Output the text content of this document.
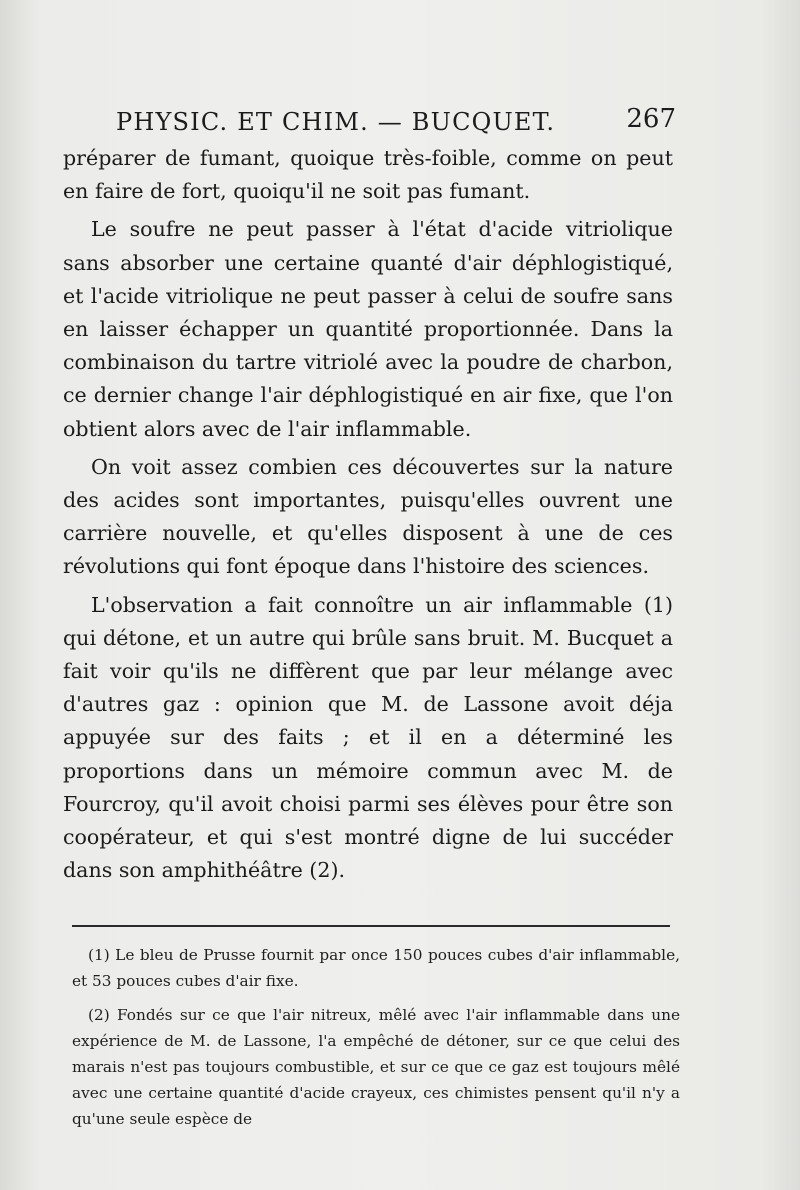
PHYSIC. ET CHIM. — BUCQUET.	267

préparer de fumant, quoique très-foible, comme on peut en faire de fort, quoiqu'il ne soit pas fumant.

Le soufre ne peut passer à l'état d'acide vitriolique sans absorber une certaine quanté d'air déphlogistiqué, et l'acide vitriolique ne peut passer à celui de soufre sans en laisser échapper un quantité proportionnée. Dans la combinaison du tartre vitriolé avec la poudre de charbon, ce dernier change l'air déphlogistiqué en air fixe, que l'on obtient alors avec de l'air inflammable.

On voit assez combien ces découvertes sur la nature des acides sont importantes, puisqu'elles ouvrent une carrière nouvelle, et qu'elles disposent à une de ces révolutions qui font époque dans l'histoire des sciences.

L'observation a fait connoître un air inflammable (1) qui détone, et un autre qui brûle sans bruit. M. Bucquet a fait voir qu'ils ne diffèrent que par leur mélange avec d'autres gaz : opinion que M. de Lassone avoit déja appuyée sur des faits ; et il en a déterminé les proportions dans un mémoire commun avec M. de Fourcroy, qu'il avoit choisi parmi ses élèves pour être son coopérateur, et qui s'est montré digne de lui succéder dans son amphithéâtre (2).

(1) Le bleu de Prusse fournit par once 150 pouces cubes d'air inflammable, et 53 pouces cubes d'air fixe.

(2) Fondés sur ce que l'air nitreux, mêlé avec l'air inflammable dans une expérience de M. de Lassone, l'a empêché de détoner, sur ce que celui des marais n'est pas toujours combustible, et sur ce que ce gaz est toujours mêlé avec une certaine quantité d'acide crayeux, ces chimistes pensent qu'il n'y a qu'une seule espèce de
